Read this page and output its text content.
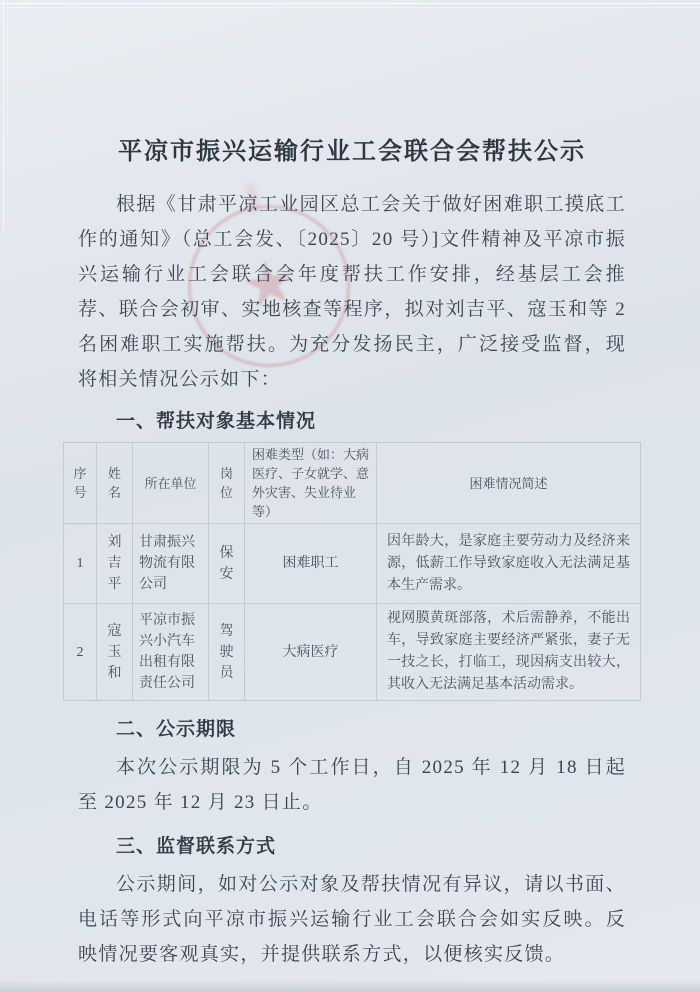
★
平凉市振兴运输行业工会联合会帮扶公示

根据《甘肃平凉工业园区总工会关于做好困难职工摸底工作的通知》（总工会发、〔2025〕20 号）]文件精神及平凉市振兴运输行业工会联合会年度帮扶工作安排，经基层工会推荐、联合会初审、实地核查等程序，拟对刘吉平、寇玉和等 2 名困难职工实施帮扶。为充分发扬民主，广泛接受监督，现将相关情况公示如下：

一、帮扶对象基本情况
序号	姓名	所在单位	岗位	困难类型（如：大病医疗、子女就学、意外灾害、失业待业等）	困难情况简述
1	刘吉平	甘肃振兴物流有限公司	保安	困难职工	因年龄大，是家庭主要劳动力及经济来源，低薪工作导致家庭收入无法满足基本生产需求。
2	寇玉和	平凉市振兴小汽车出租有限责任公司	驾驶员	大病医疗	视网膜黄斑部落，术后需静养，不能出车，导致家庭主要经济严紧张，妻子无一技之长，打临工，现因病支出较大，其收入无法满足基本活动需求。
二、公示期限

本次公示期限为 5 个工作日，自 2025 年 12 月 18 日起至 2025 年 12 月 23 日止。

三、监督联系方式

公示期间，如对公示对象及帮扶情况有异议，请以书面、电话等形式向平凉市振兴运输行业工会联合会如实反映。反映情况要客观真实，并提供联系方式，以便核实反馈。
